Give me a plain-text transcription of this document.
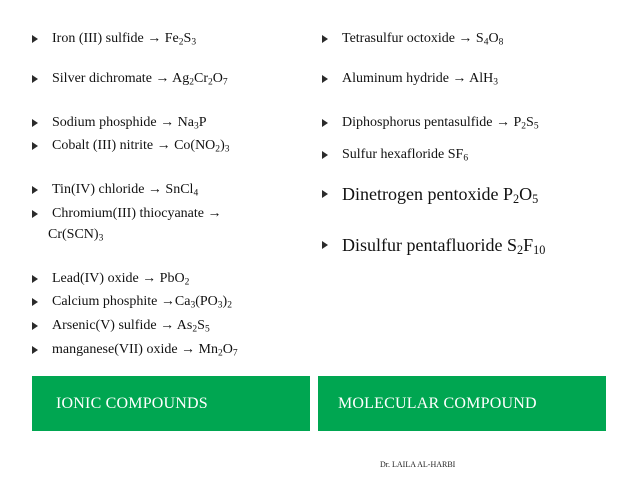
Iron (III) sulfide → $Fe_2S_3$
Silver dichromate → $Ag_2Cr_2O_7$
Sodium phosphide → $Na_3P$
Cobalt (III) nitrite → $Co(NO_2)_3$
Tin(IV) chloride → SnCl$_4$
Chromium(III) thiocyanate →
$Cr(SCN)_3$
Lead(IV) oxide → PbO$_2$
Calcium phosphite $\to Ca_3(PO_3)_2$
Arsenic(V) sulfide → $As_2S_5$
manganese(VII) oxide → $Mn_2O_7$
Tetrasulfur octoxide → $S_4O_8$
Aluminum hydride → AlH$_3$
Diphosphorus pentasulfide → $P_2S_5$
Sulfur hexafloride $SF_6$
Dinetrogen pentoxide $P_2O_5$
Disulfur pentafluoride $S_2F_{10}$
IONIC COMPOUNDS	MOLECULAR COMPOUND
Dr. LAILA AL-HARBI
